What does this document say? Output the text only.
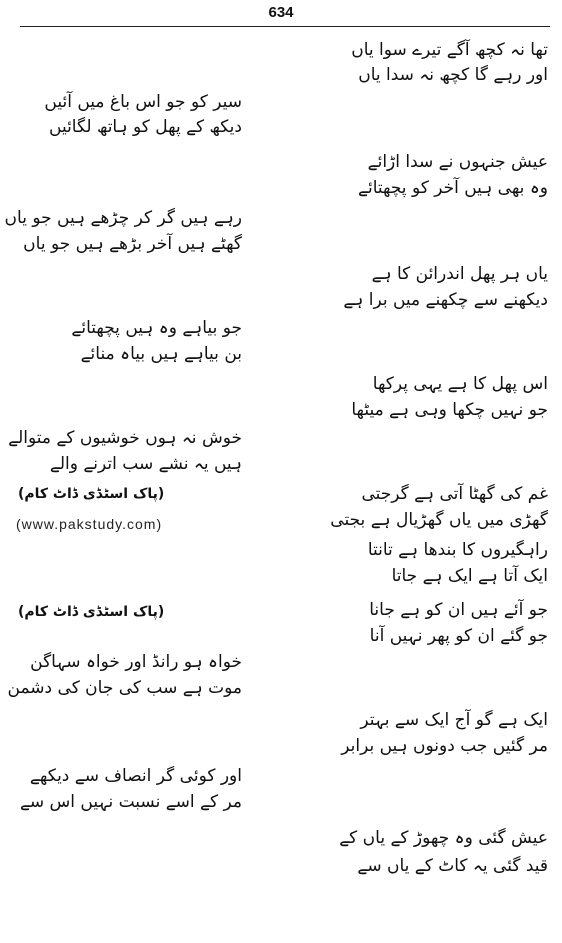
634
تھا نہ کچھ آگے تیرے سوا یاں
اور رہے گا کچھ نہ سدا یاں
سیر کو جو اس باغ میں آئیں
دیکھ کے پھل کو ہاتھ لگائیں
عیش جنہوں نے سدا اڑائے
وہ بھی ہیں آخر کو پچھتائے
رہے ہیں گر کر چڑھے ہیں جو یاں
گھٹے ہیں آخر بڑھے ہیں جو یاں
یاں ہر پھل اندرائن کا ہے
دیکھنے سے چکھنے میں برا ہے
جو بیاہے وہ ہیں پچھتائے
بن بیاہے ہیں بیاہ منائے
اس پھل کا ہے یہی پرکھا
جو نہیں چکھا وہی ہے میٹھا
خوش نہ ہوں خوشیوں کے متوالے
ہیں یہ نشے سب اترنے والے
(پاک اسٹڈی ڈاٹ کام)	غم کی گھٹا آتی ہے گرجتی
(www.pakstudy.com)	گھڑی میں یاں گھڑیال ہے بجتی
راہگیروں کا بندھا ہے تانتا
ایک آتا ہے ایک ہے جاتا
(پاک اسٹڈی ڈاٹ کام)	جو آئے ہیں ان کو ہے جانا
جو گئے ان کو پھر نہیں آنا
خواہ ہو رانڈ اور خواہ سہاگن
موت ہے سب کی جان کی دشمن
ایک ہے گو آج ایک سے بہتر
مر گئیں جب دونوں ہیں برابر
اور کوئی گر انصاف سے دیکھے
مر کے اسے نسبت نہیں اس سے
عیش گئی وہ چھوڑ کے یاں کے
قید گئی یہ کاٹ کے یاں سے
